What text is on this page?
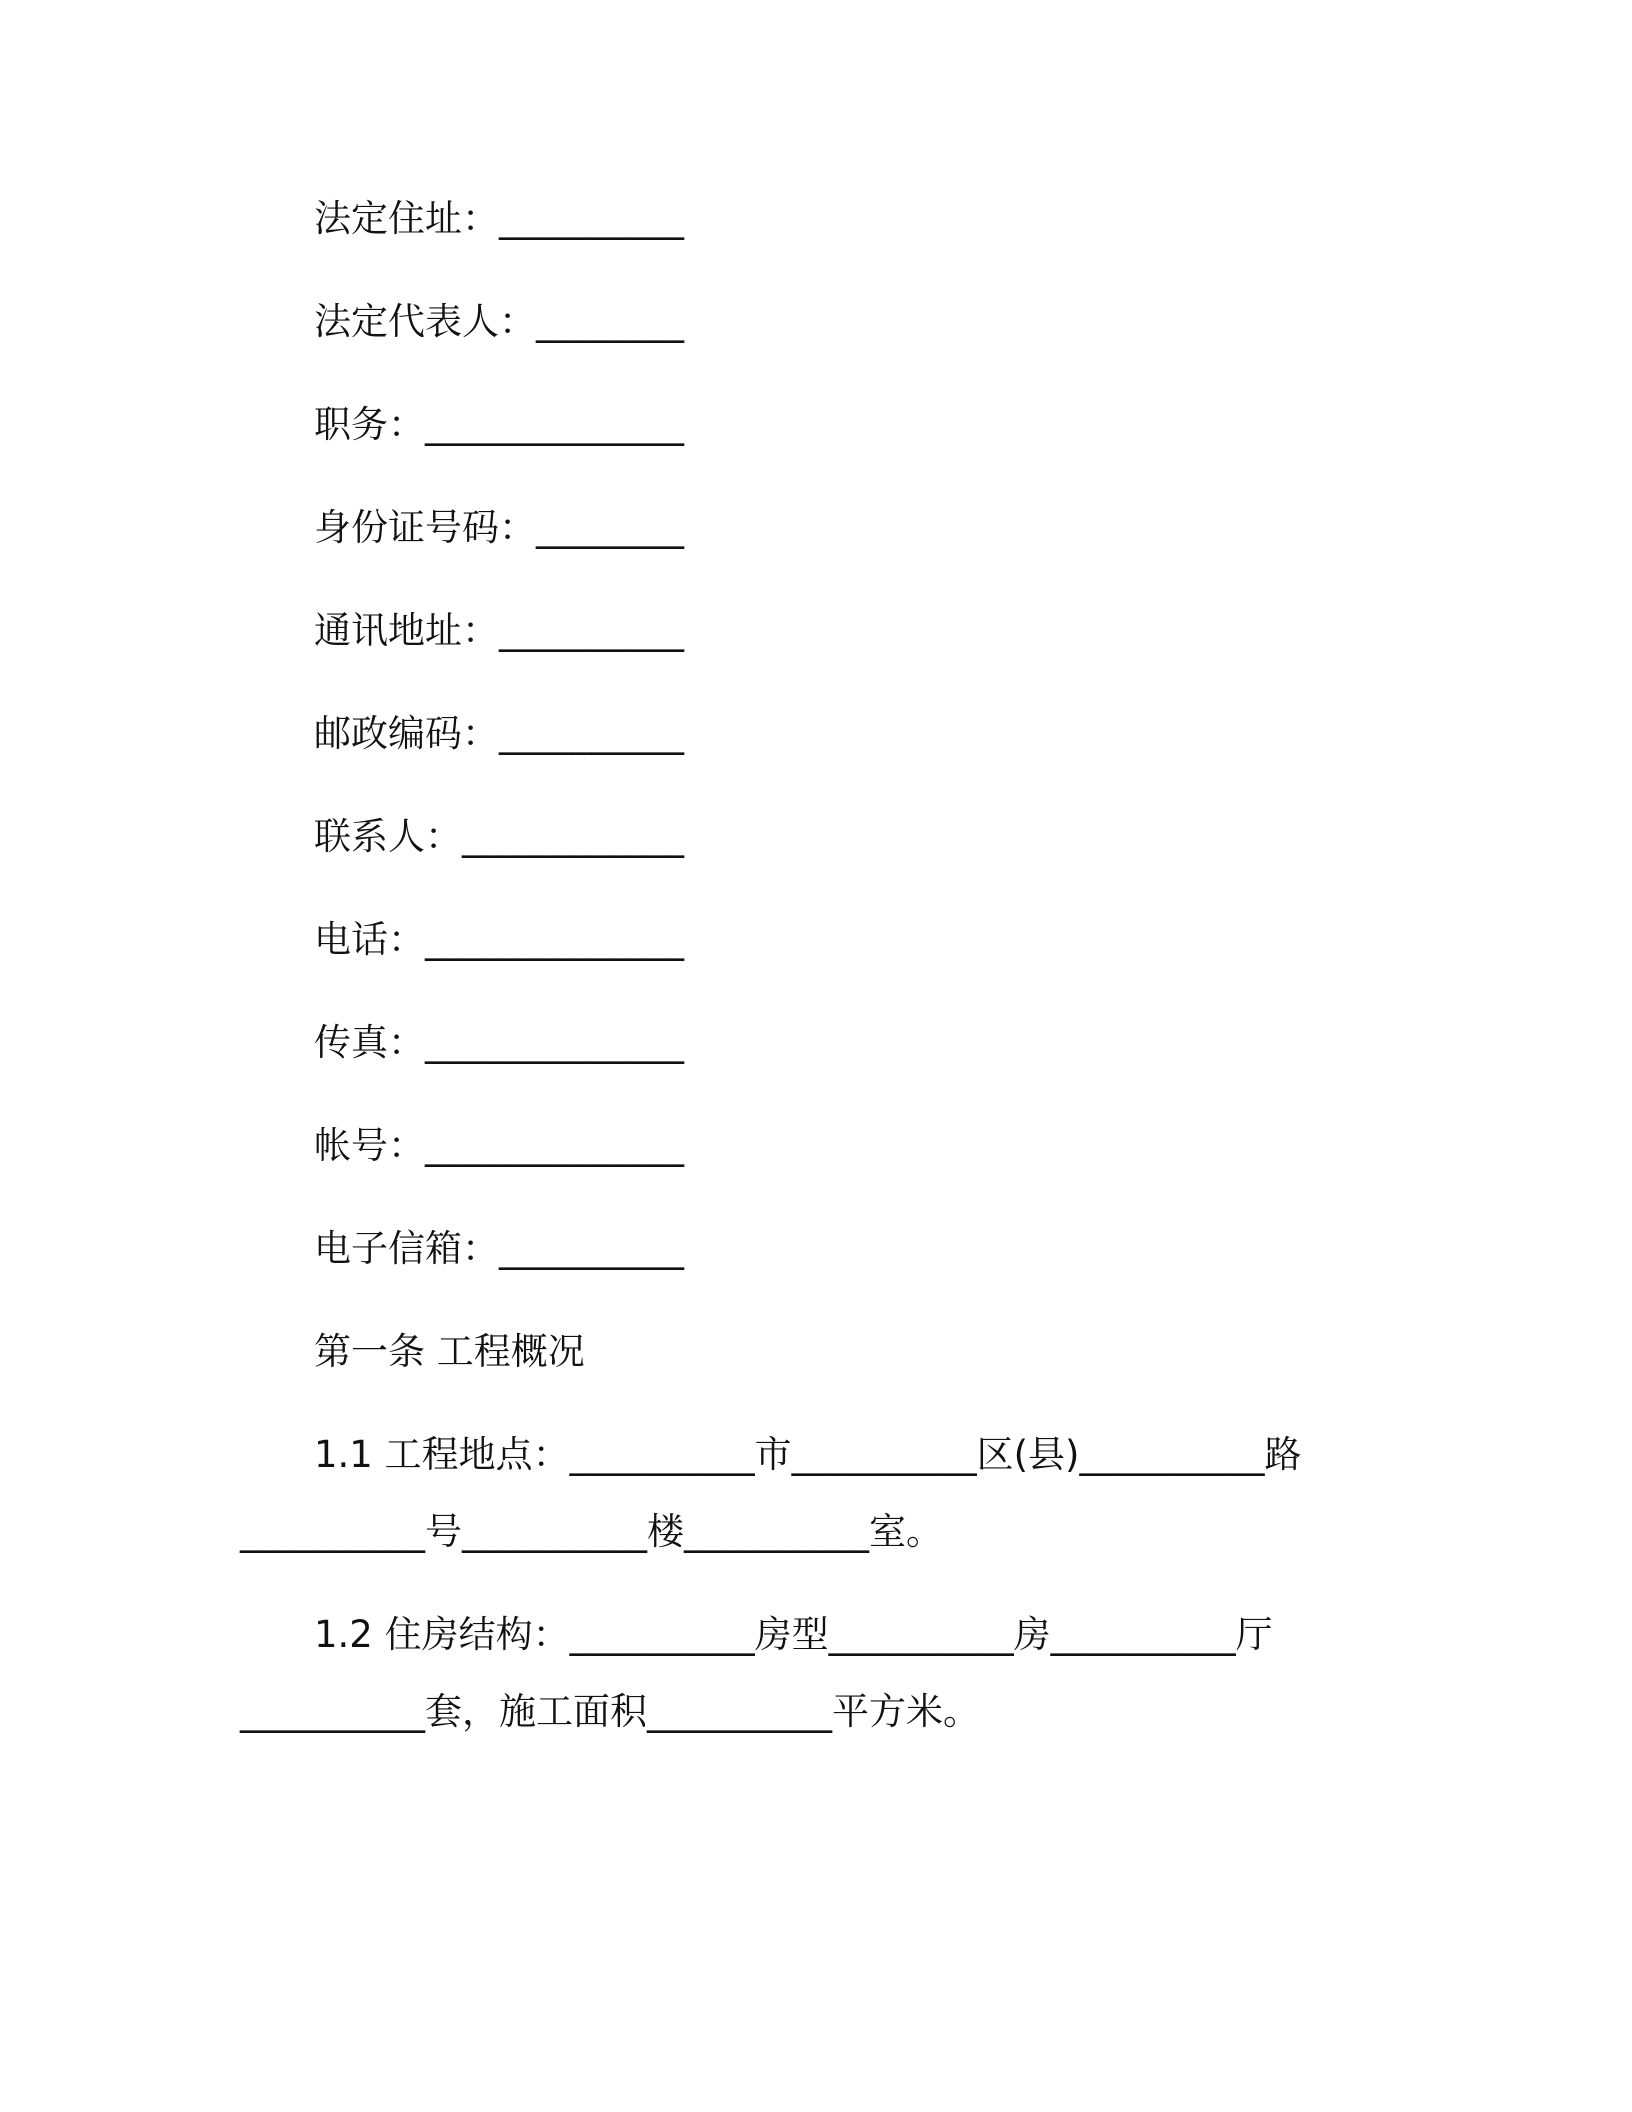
法定住址：__________

法定代表人：________

职务：______________

身份证号码：________

通讯地址：__________

邮政编码：__________

联系人：____________

电话：______________

传真：______________

帐号：______________

电子信箱：__________

第一条 工程概况

1.1 工程地点：__________市__________区(县)__________路
__________号__________楼__________室。

1.2 住房结构：__________房型__________房__________厅
__________套，施工面积__________平方米。
